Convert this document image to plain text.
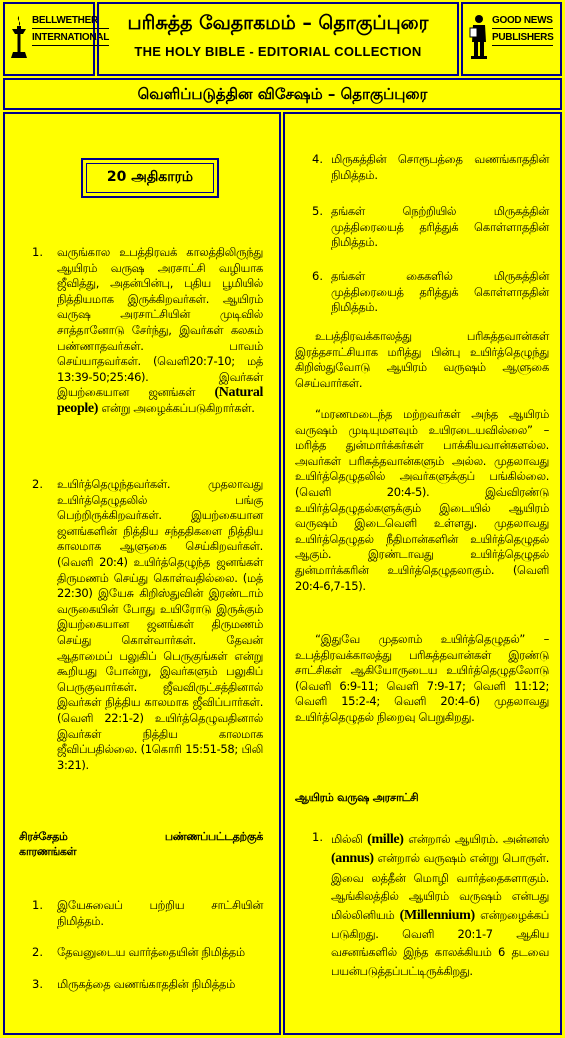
BELLWETHER
INTERNATIONAL
பரிசுத்த வேதாகமம் – தொகுப்புரை
THE HOLY BIBLE - EDITORIAL COLLECTION
GOOD NEWS
PUBLISHERS
வெளிப்படுத்தின விசேஷம் – தொகுப்புரை
20 அதிகாரம்
1. வருங்கால உபத்திரவக் காலத்திலிருந்து ஆயிரம் வருஷ அரசாட்சி வழியாக ஜீவித்து, அதன்பின்பு, புதிய பூமியில் நித்தியமாக இருக்கிறவர்கள். ஆயிரம் வருஷ அரசாட்சியின் முடிவில் சாத்தானோடு சேர்ந்து, இவர்கள் கலகம் பண்ணாதவர்கள். பாவம் செய்யாதவர்கள். (வெளி20:7-10; மத் 13:39-50;25:46). இவர்கள் இயற்கையான ஜனங்கள் (Natural people) என்று அழைக்கப்படுகிறார்கள்.
2. உயிர்த்தெழுந்தவர்கள். முதலாவது உயிர்த்தெழுதலில் பங்கு பெற்றிருக்கிறவர்கள். இயற்கையான ஜனங்களின் நித்திய சந்ததிகளை நித்திய காலமாக ஆளுகை செய்கிறவர்கள். (வெளி 20:4) உயிர்த்தெழுந்த ஜனங்கள் திருமணம் செய்து கொள்வதில்லை. (மத் 22:30) இயேசு கிறிஸ்துவின் இரண்டாம் வருகையின் போது உயிரோடு இருக்கும் இயற்கையான ஜனங்கள் திருமணம் செய்து கொள்வார்கள். தேவன் ஆதாமைப் பலுகிப் பெருகுங்கள் என்று கூறியது போன்று, இவர்களும் பலுகிப் பெருகுவார்கள். ஜீவவிருட்சத்தினால் இவர்கள் நித்திய காலமாக ஜீவிப்பார்கள். (வெளி 22:1-2) உயிர்த்தெழுவதினால் இவர்கள் நித்திய காலமாக ஜீவிப்பதில்லை. (1கொரி 15:51-58; பிலி 3:21).
சிரச்சேதம் பண்ணப்பட்டதற்குக்
காரணங்கள்
1. இயேசுவைப் பற்றிய சாட்சியின் நிமித்தம்.
2. தேவனுடைய வார்த்தையின் நிமித்தம்
3. மிருகத்தை வணங்காததின் நிமித்தம்
4. மிருகத்தின் சொரூபத்தை வணங்காததின் நிமித்தம்.
5. தங்கள் நெற்றியில் மிருகத்தின் முத்திரையைத் தரித்துக் கொள்ளாததின் நிமித்தம்.
6. தங்கள் கைகளில் மிருகத்தின் முத்திரையைத் தரித்துக் கொள்ளாததின் நிமித்தம்.
உபத்திரவக்காலத்து பரிசுத்தவான்கள் இரத்தசாட்சியாக மரித்து பின்பு உயிர்த்தெழுந்து கிறிஸ்துவோடு ஆயிரம் வருஷம் ஆளுகை செய்வார்கள்.
“மரணமடைந்த மற்றவர்கள் அந்த ஆயிரம் வருஷம் முடியுமளவும் உயிரடையவில்லை” – மரித்த துன்மார்க்கர்கள் பாக்கியவான்களல்ல. அவர்கள் பரிசுத்தவான்களும் அல்ல. முதலாவது உயிர்த்தெழுதலில் அவர்களுக்குப் பங்கில்லை. (வெளி 20:4-5). இவ்விரண்டு உயிர்த்தெழுதல்களுக்கும் இடையில் ஆயிரம் வருஷம் இடைவெளி உள்ளது. முதலாவது உயிர்த்தெழுதல் நீதிமான்களின் உயிர்த்தெழுதல் ஆகும். இரண்டாவது உயிர்த்தெழுதல் துன்மார்க்கரின் உயிர்த்தெழுதலாகும். (வெளி 20:4-6,7-15).
“இதுவே முதலாம் உயிர்த்தெழுதல்” – உபத்திரவக்காலத்து பரிசுத்தவான்கள் இரண்டு சாட்சிகள் ஆகியோருடைய உயிர்த்தெழுதலோடு (வெளி 6:9-11; வெளி 7:9-17; வெளி 11:12; வெளி 15:2-4; வெளி 20:4-6) முதலாவது உயிர்த்தெழுதல் நிறைவு பெறுகிறது.
ஆயிரம் வருஷ அரசாட்சி
1. மில்லி (mille) என்றால் ஆயிரம். அன்னஸ் (annus) என்றால் வருஷம் என்று பொருள். இவை லத்தீன் மொழி வார்த்தைகளாகும். ஆங்கிலத்தில் ஆயிரம் வருஷம் என்பது மில்லினியம் (Millennium) என்றழைக்கப் படுகிறது. வெளி 20:1-7 ஆகிய வசனங்களில் இந்த காலக்கியம் 6 தடவை பயன்படுத்தப்பட்டிருக்கிறது.
